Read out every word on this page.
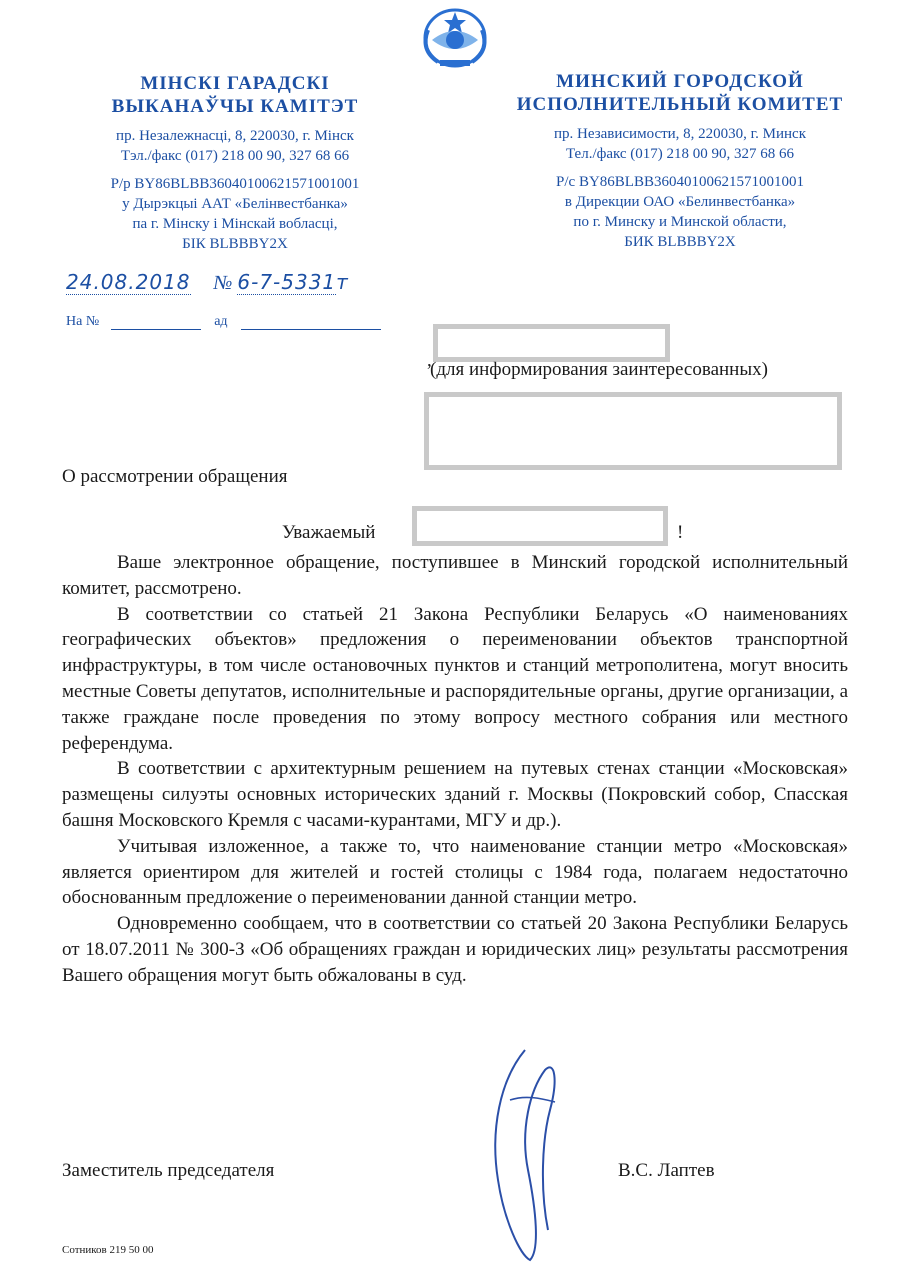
МІНСКІ ГАРАДСКІ

ВЫКАНАЎЧЫ КАМІТЭТ

пр. Незалежнасці, 8, 220030, г. Мінск

Тэл./факс (017) 218 00 90, 327 68 66

Р/р BY86BLBB36040100621571001001

у Дырэкцыі ААТ «Белінвестбанка»

па г. Мінску і Мінскай вобласці,

БІК BLBBBY2X

МИНСКИЙ ГОРОДСКОЙ

ИСПОЛНИТЕЛЬНЫЙ КОМИТЕТ

пр. Независимости, 8, 220030, г. Минск

Тел./факс (017) 218 00 90, 327 68 66

Р/с BY86BLBB36040100621571001001

в Дирекции ОАО «Белинвестбанка»

по г. Минску и Минской области,

БИК BLBBBY2X

24.08.2018 № 6-7-5331т
На №	ад
,
(для информирования заинтересованных)
О рассмотрении обращения
Уважаемый	!

Ваше электронное обращение, поступившее в Минский городской исполнительный комитет, рассмотрено.

В соответствии со статьей 21 Закона Республики Беларусь «О наименованиях географических объектов» предложения о переименовании объектов транспортной инфраструктуры, в том числе остановочных пунктов и станций метрополитена, могут вносить местные Советы депутатов, исполнительные и распорядительные органы, другие организации, а также граждане после проведения по этому вопросу местного собрания или местного референдума.

В соответствии с архитектурным решением на путевых стенах станции «Московская» размещены силуэты основных исторических зданий г. Москвы (Покровский собор, Спасская башня Московского Кремля с часами-курантами, МГУ и др.).

Учитывая изложенное, а также то, что наименование станции метро «Московская» является ориентиром для жителей и гостей столицы с 1984 года, полагаем недостаточно обоснованным предложение о переименовании данной станции метро.

Одновременно сообщаем, что в соответствии со статьей 20 Закона Республики Беларусь от 18.07.2011 № 300-З «Об обращениях граждан и юридических лиц» результаты рассмотрения Вашего обращения могут быть обжалованы в суд.

Заместитель председателя	В.С. Лаптев
Сотников 219 50 00
